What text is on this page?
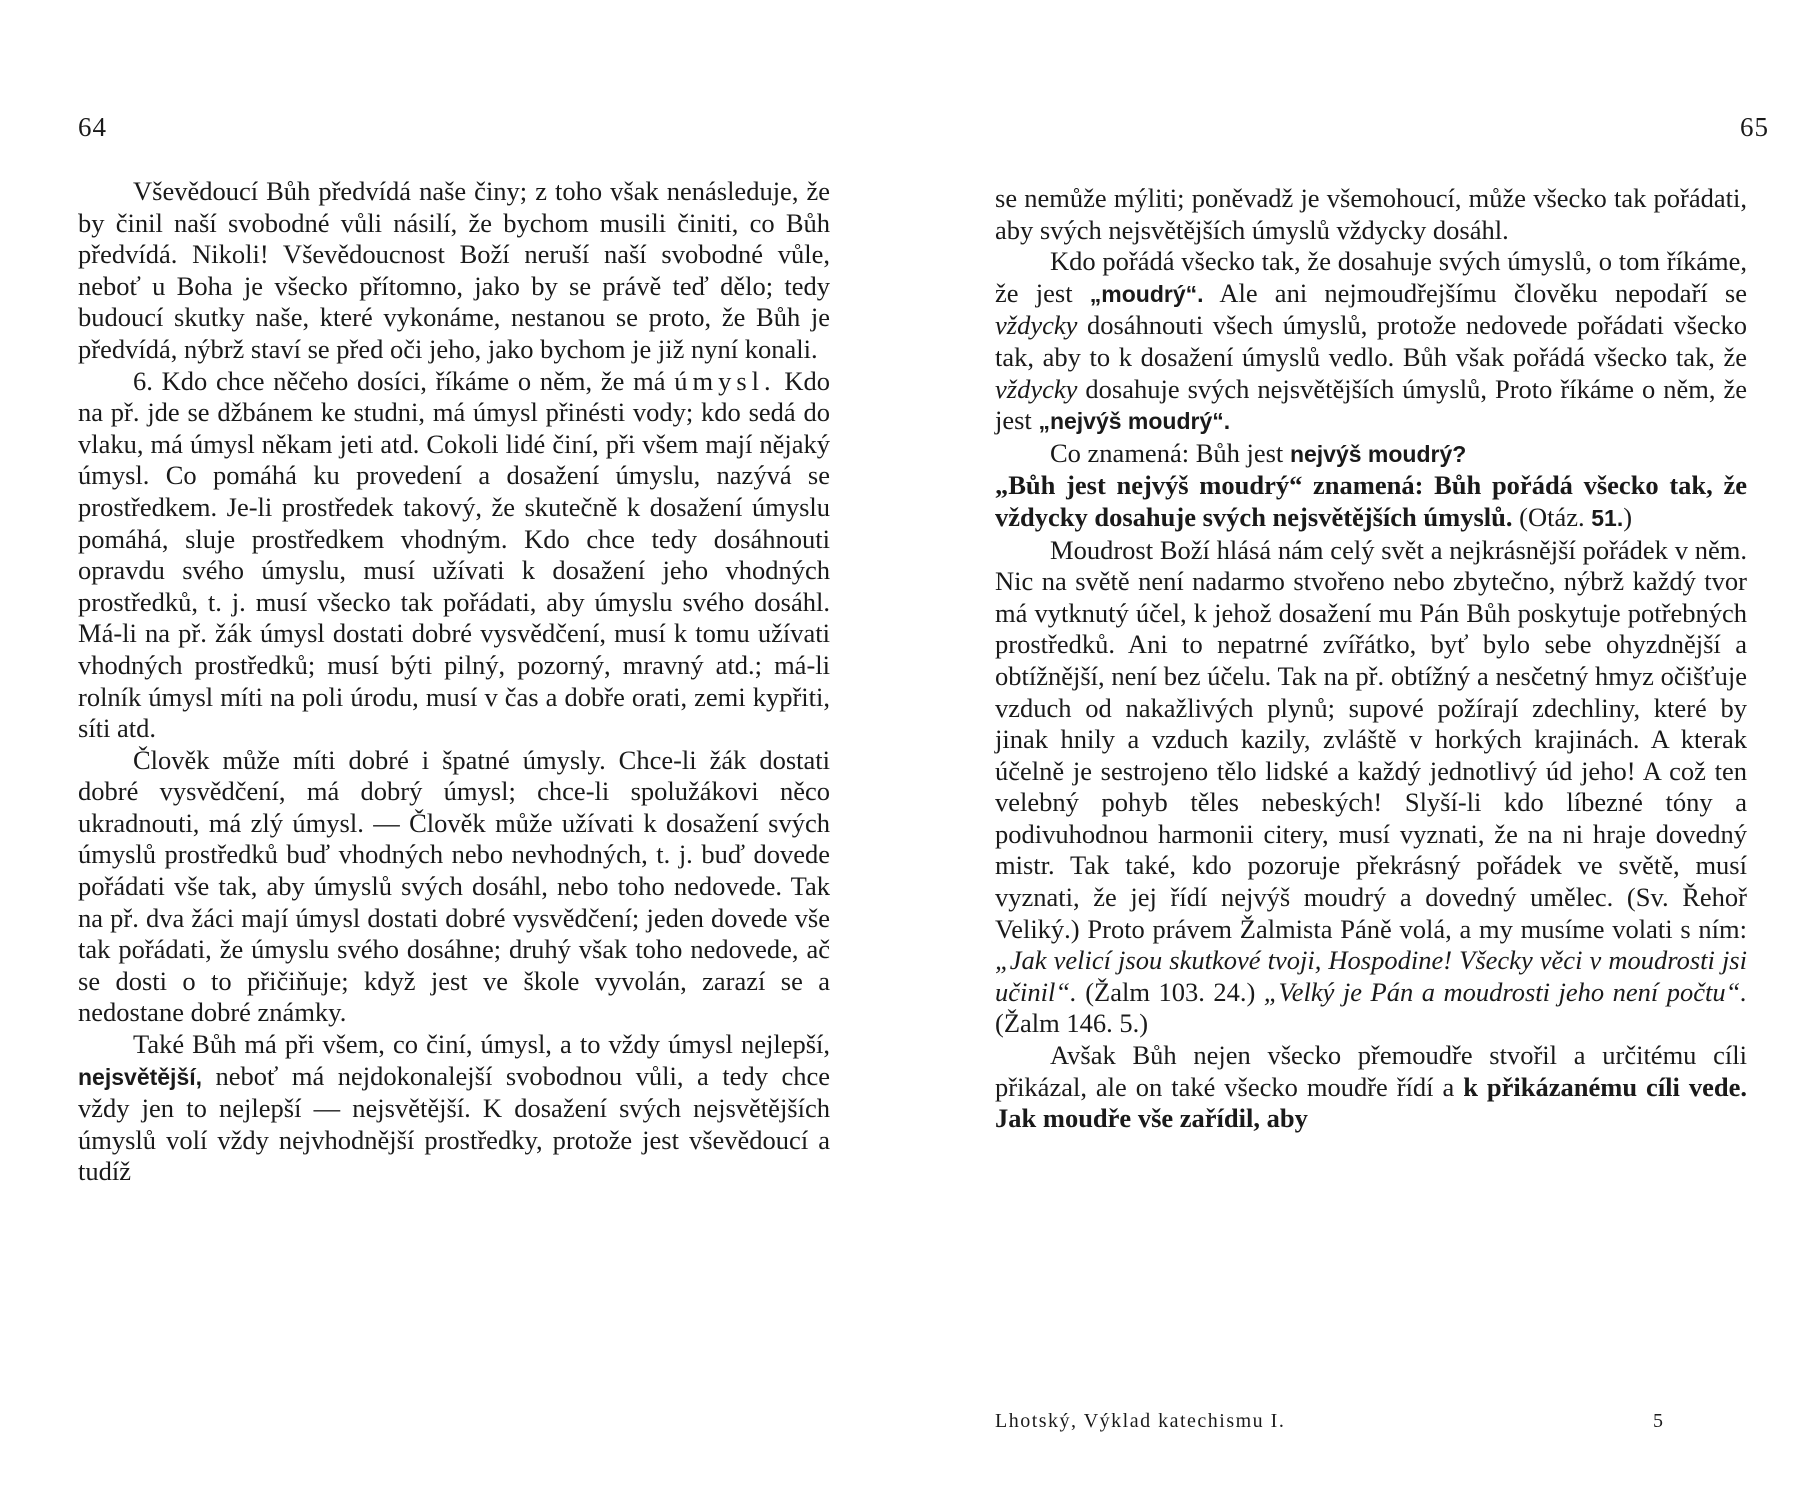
64

Vševědoucí Bůh předvídá naše činy; z toho však nenásleduje, že by činil naší svobodné vůli násilí, že bychom musili činiti, co Bůh předvídá. Nikoli! Vševědoucnost Boží neruší naší svobodné vůle, neboť u Boha je všecko přítomno, jako by se právě teď dělo; tedy budoucí skutky naše, které vykonáme, nestanou se proto, že Bůh je předvídá, nýbrž staví se před oči jeho, jako bychom je již nyní konali.

6. Kdo chce něčeho dosíci, říkáme o něm, že má úmysl. Kdo na př. jde se džbánem ke studni, má úmysl přinésti vody; kdo sedá do vlaku, má úmysl někam jeti atd. Cokoli lidé činí, při všem mají nějaký úmysl. Co pomáhá ku provedení a dosažení úmyslu, nazývá se prostředkem. Je-li prostředek takový, že skutečně k dosažení úmyslu pomáhá, sluje prostředkem vhodným. Kdo chce tedy dosáhnouti opravdu svého úmyslu, musí užívati k dosažení jeho vhodných prostředků, t. j. musí všecko tak pořádati, aby úmyslu svého dosáhl. Má-li na př. žák úmysl dostati dobré vysvědčení, musí k tomu užívati vhodných prostředků; musí býti pilný, pozorný, mravný atd.; má-li rolník úmysl míti na poli úrodu, musí v čas a dobře orati, zemi kypřiti, síti atd.

Člověk může míti dobré i špatné úmysly. Chce-li žák dostati dobré vysvědčení, má dobrý úmysl; chce-li spolužákovi něco ukradnouti, má zlý úmysl. — Člověk může užívati k dosažení svých úmyslů prostředků buď vhodných nebo nevhodných, t. j. buď dovede pořádati vše tak, aby úmyslů svých dosáhl, nebo toho nedovede. Tak na př. dva žáci mají úmysl dostati dobré vysvědčení; jeden dovede vše tak pořádati, že úmyslu svého dosáhne; druhý však toho nedovede, ač se dosti o to přičiňuje; když jest ve škole vyvolán, zarazí se a nedostane dobré známky.

Také Bůh má při všem, co činí, úmysl, a to vždy úmysl nejlepší, nejsvětější, neboť má nejdokonalejší svobodnou vůli, a tedy chce vždy jen to nejlepší — nejsvětější. K dosažení svých nejsvětějších úmyslů volí vždy nejvhodnější prostředky, protože jest vševědoucí a tudíž

65

se nemůže mýliti; poněvadž je všemohoucí, může všecko tak pořádati, aby svých nejsvětějších úmyslů vždycky dosáhl.

Kdo pořádá všecko tak, že dosahuje svých úmyslů, o tom říkáme, že jest „moudrý“. Ale ani nejmoudřejšímu člověku nepodaří se vždycky dosáhnouti všech úmyslů, protože nedovede pořádati všecko tak, aby to k dosažení úmyslů vedlo. Bůh však pořádá všecko tak, že vždycky dosahuje svých nejsvětějších úmyslů, Proto říkáme o něm, že jest „nejvýš moudrý“.

Co znamená: Bůh jest nejvýš moudrý?

„Bůh jest nejvýš moudrý“ znamená: Bůh pořádá všecko tak, že vždycky dosahuje svých nejsvětějších úmyslů. (Otáz. 51.)

Moudrost Boží hlásá nám celý svět a nejkrásnější pořádek v něm. Nic na světě není nadarmo stvořeno nebo zbytečno, nýbrž každý tvor má vytknutý účel, k jehož dosažení mu Pán Bůh poskytuje potřebných prostředků. Ani to nepatrné zvířátko, byť bylo sebe ohyzdnější a obtížnější, není bez účelu. Tak na př. obtížný a nesčetný hmyz očišťuje vzduch od nakažlivých plynů; supové požírají zdechliny, které by jinak hnily a vzduch kazily, zvláště v horkých krajinách. A kterak účelně je sestrojeno tělo lidské a každý jednotlivý úd jeho! A což ten velebný pohyb těles nebeských! Slyší-li kdo líbezné tóny a podivuhodnou harmonii citery, musí vyznati, že na ni hraje dovedný mistr. Tak také, kdo pozoruje překrásný pořádek ve světě, musí vyznati, že jej řídí nejvýš moudrý a dovedný umělec. (Sv. Řehoř Veliký.) Proto právem Žalmista Páně volá, a my musíme volati s ním: „Jak velicí jsou skutkové tvoji, Hospodine! Všecky věci v moudrosti jsi učinil“. (Žalm 103. 24.) „Velký je Pán a moudrosti jeho není počtu“. (Žalm 146. 5.)

Avšak Bůh nejen všecko přemoudře stvořil a určitému cíli přikázal, ale on také všecko moudře řídí a k přikázanému cíli vede. Jak moudře vše zařídil, aby

Lhotský, Výklad katechismu I.	5
